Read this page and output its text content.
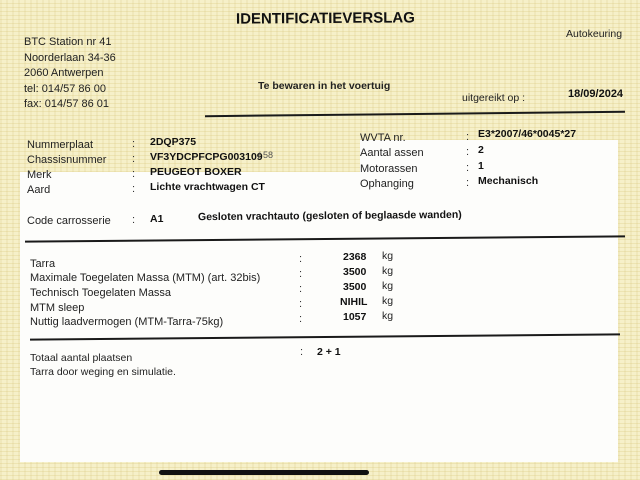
IDENTIFICATIEVERSLAG
BTC Station nr 41
Noorderlaan 34-36
2060 Antwerpen
tel: 014/57 86 00
fax: 014/57 86 01
Autokeuring
Te bewaren in het voertuig
uitgereikt op :	18/09/2024
Nummerplaat	: 2DQP375
Chassisnummer : VF3YDCPFCPG003109
/ 58
Merk	: PEUGEOT BOXER
Aard	: Lichte vrachtwagen CT
WVTA nr.	: E3*2007/46*0045*27
Aantal assen	: 2
Motorassen	: 1
Ophanging	: Mechanisch
Code carrosserie : A1	Gesloten vrachtauto (gesloten of beglaasde wanden)
Tarra	:	2368 kg
Maximale Toegelaten Massa (MTM) (art. 32bis)	:	3500 kg
Technisch Toegelaten Massa	:	3500 kg
MTM sleep	:	NIHIL kg
Nuttig laadvermogen (MTM-Tarra-75kg)	:	1057 kg
Totaal aantal plaatsen	: 2 + 1
Tarra door weging en simulatie.
